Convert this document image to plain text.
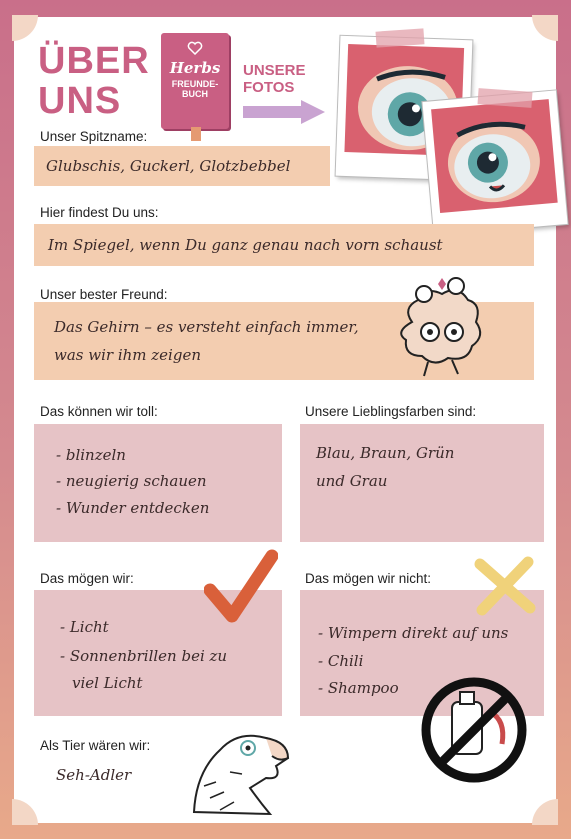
ÜBER
UNS
Herbs
FREUNDE-
BUCH
UNSERE
FOTOS
Unser Spitzname:
Glubschis, Guckerl, Glotzbebbel
Hier findest Du uns:
Im Spiegel, wenn Du ganz genau nach vorn schaust
Unser bester Freund:
Das Gehirn – es versteht einfach immer,
was wir ihm zeigen
Das können wir toll:
- blinzeln
- neugierig schauen
- Wunder entdecken
Unsere Lieblingsfarben sind:
Blau, Braun, Grün
und Grau
Das mögen wir:
- Licht
- Sonnenbrillen bei zu
viel Licht
Das mögen wir nicht:
- Wimpern direkt auf uns
- Chili
- Shampoo
Als Tier wären wir:
Seh-Adler
